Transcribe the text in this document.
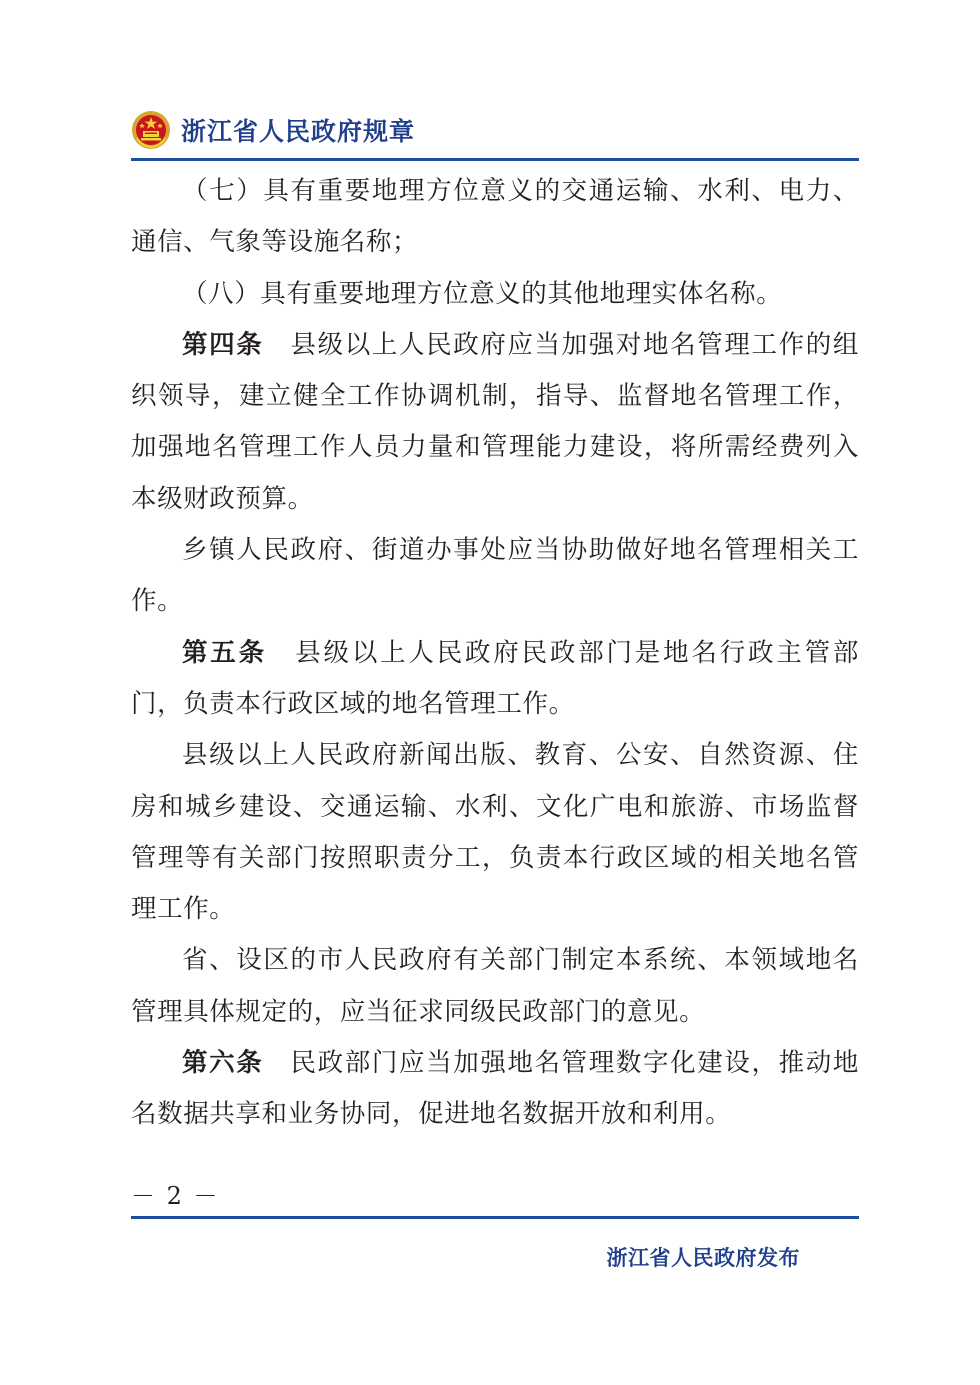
浙江省人民政府规章

（七）具有重要地理方位意义的交通运输、水利、电力、通信、气象等设施名称；

（八）具有重要地理方位意义的其他地理实体名称。

第四条　 县级以上人民政府应当加强对地名管理工作的组织领导，建立健全工作协调机制，指导、监督地名管理工作，加强地名管理工作人员力量和管理能力建设，将所需经费列入本级财政预算。

乡镇人民政府、街道办事处应当协助做好地名管理相关工作。

第五条　 县级以上人民政府民政部门是地名行政主管部门，负责本行政区域的地名管理工作。

县级以上人民政府新闻出版、教育、公安、自然资源、住房和城乡建设、交通运输、水利、文化广电和旅游、市场监督管理等有关部门按照职责分工，负责本行政区域的相关地名管理工作。

省、设区的市人民政府有关部门制定本系统、本领域地名管理具体规定的，应当征求同级民政部门的意见。

第六条　 民政部门应当加强地名管理数字化建设，推动地名数据共享和业务协同，促进地名数据开放和利用。

－ 2 －
浙江省人民政府发布
